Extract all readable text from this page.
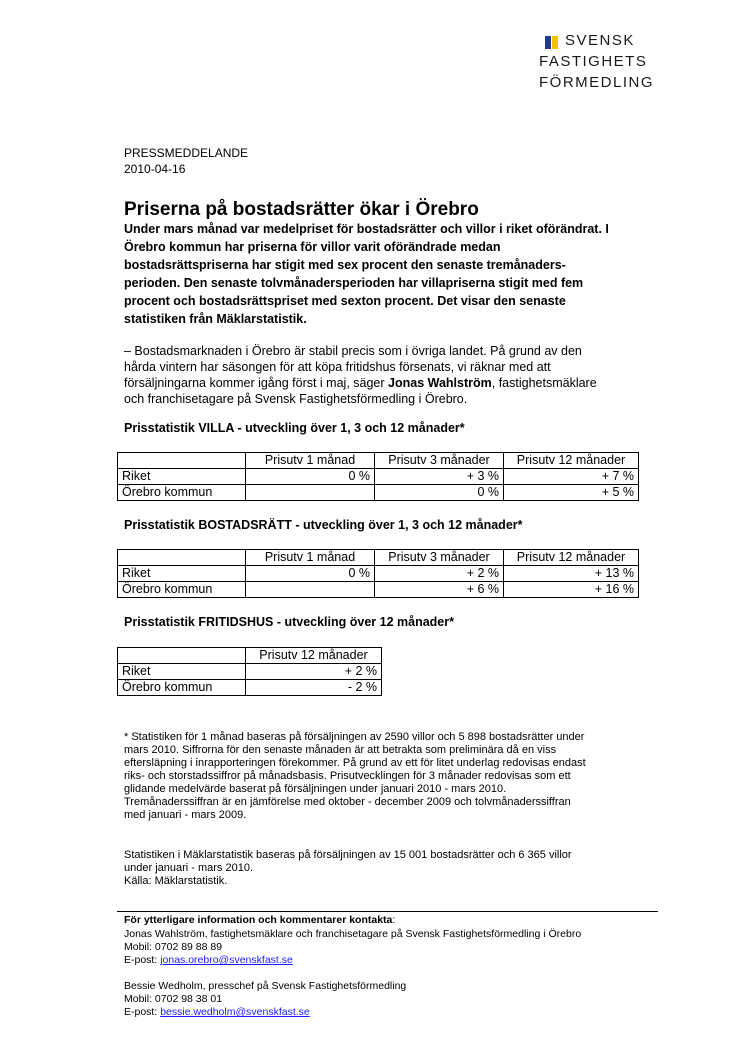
SVENSK
FASTIGHETS
FÖRMEDLING
PRESSMEDDELANDE
2010-04-16
Priserna på bostadsrätter ökar i Örebro
Under mars månad var medelpriset för bostadsrätter och villor i riket oförändrat. I
Örebro kommun har priserna för villor varit oförändrade medan
bostadsrättspriserna har stigit med sex procent den senaste tremånaders-
perioden. Den senaste tolvmånadersperioden har villapriserna stigit med fem
procent och bostadsrättspriset med sexton procent. Det visar den senaste
statistiken från Mäklarstatistik.
– Bostadsmarknaden i Örebro är stabil precis som i övriga landet. På grund av den
hårda vintern har säsongen för att köpa fritidshus försenats, vi räknar med att
försäljningarna kommer igång först i maj, säger Jonas Wahlström, fastighetsmäklare
och franchisetagare på Svensk Fastighetsförmedling i Örebro.
Prisstatistik VILLA - utveckling över 1, 3 och 12 månader*
	Prisutv 1 månad	Prisutv 3 månader	Prisutv 12 månader
Riket	0 %	+ 3 %	+ 7 %
Örebro kommun		0 %	+ 5 %
Prisstatistik BOSTADSRÄTT - utveckling över 1, 3 och 12 månader*
	Prisutv 1 månad	Prisutv 3 månader	Prisutv 12 månader
Riket	0 %	+ 2 %	+ 13 %
Örebro kommun		+ 6 %	+ 16 %
Prisstatistik FRITIDSHUS - utveckling över 12 månader*
	Prisutv 12 månader
Riket	+ 2 %
Örebro kommun	- 2 %
* Statistiken för 1 månad baseras på försäljningen av 2590 villor och 5 898 bostadsrätter under
mars 2010. Siffrorna för den senaste månaden är att betrakta som preliminära då en viss
eftersläpning i inrapporteringen förekommer. På grund av ett för litet underlag redovisas endast
riks- och storstadssiffror på månadsbasis. Prisutvecklingen för 3 månader redovisas som ett
glidande medelvärde baserat på försäljningen under januari 2010 - mars 2010.
Tremånaderssiffran är en jämförelse med oktober - december 2009 och tolvmånaderssiffran
med januari - mars 2009.
Statistiken i Mäklarstatistik baseras på försäljningen av 15 001 bostadsrätter och 6 365 villor
under januari - mars 2010.
Källa: Mäklarstatistik.
För ytterligare information och kommentarer kontakta:
Jonas Wahlström, fastighetsmäklare och franchisetagare på Svensk Fastighetsförmedling i Örebro
Mobil: 0702 89 88 89
E-post: jonas.orebro@svenskfast.se
Bessie Wedholm, presschef på Svensk Fastighetsförmedling
Mobil: 0702 98 38 01
E-post: bessie.wedholm@svenskfast.se
